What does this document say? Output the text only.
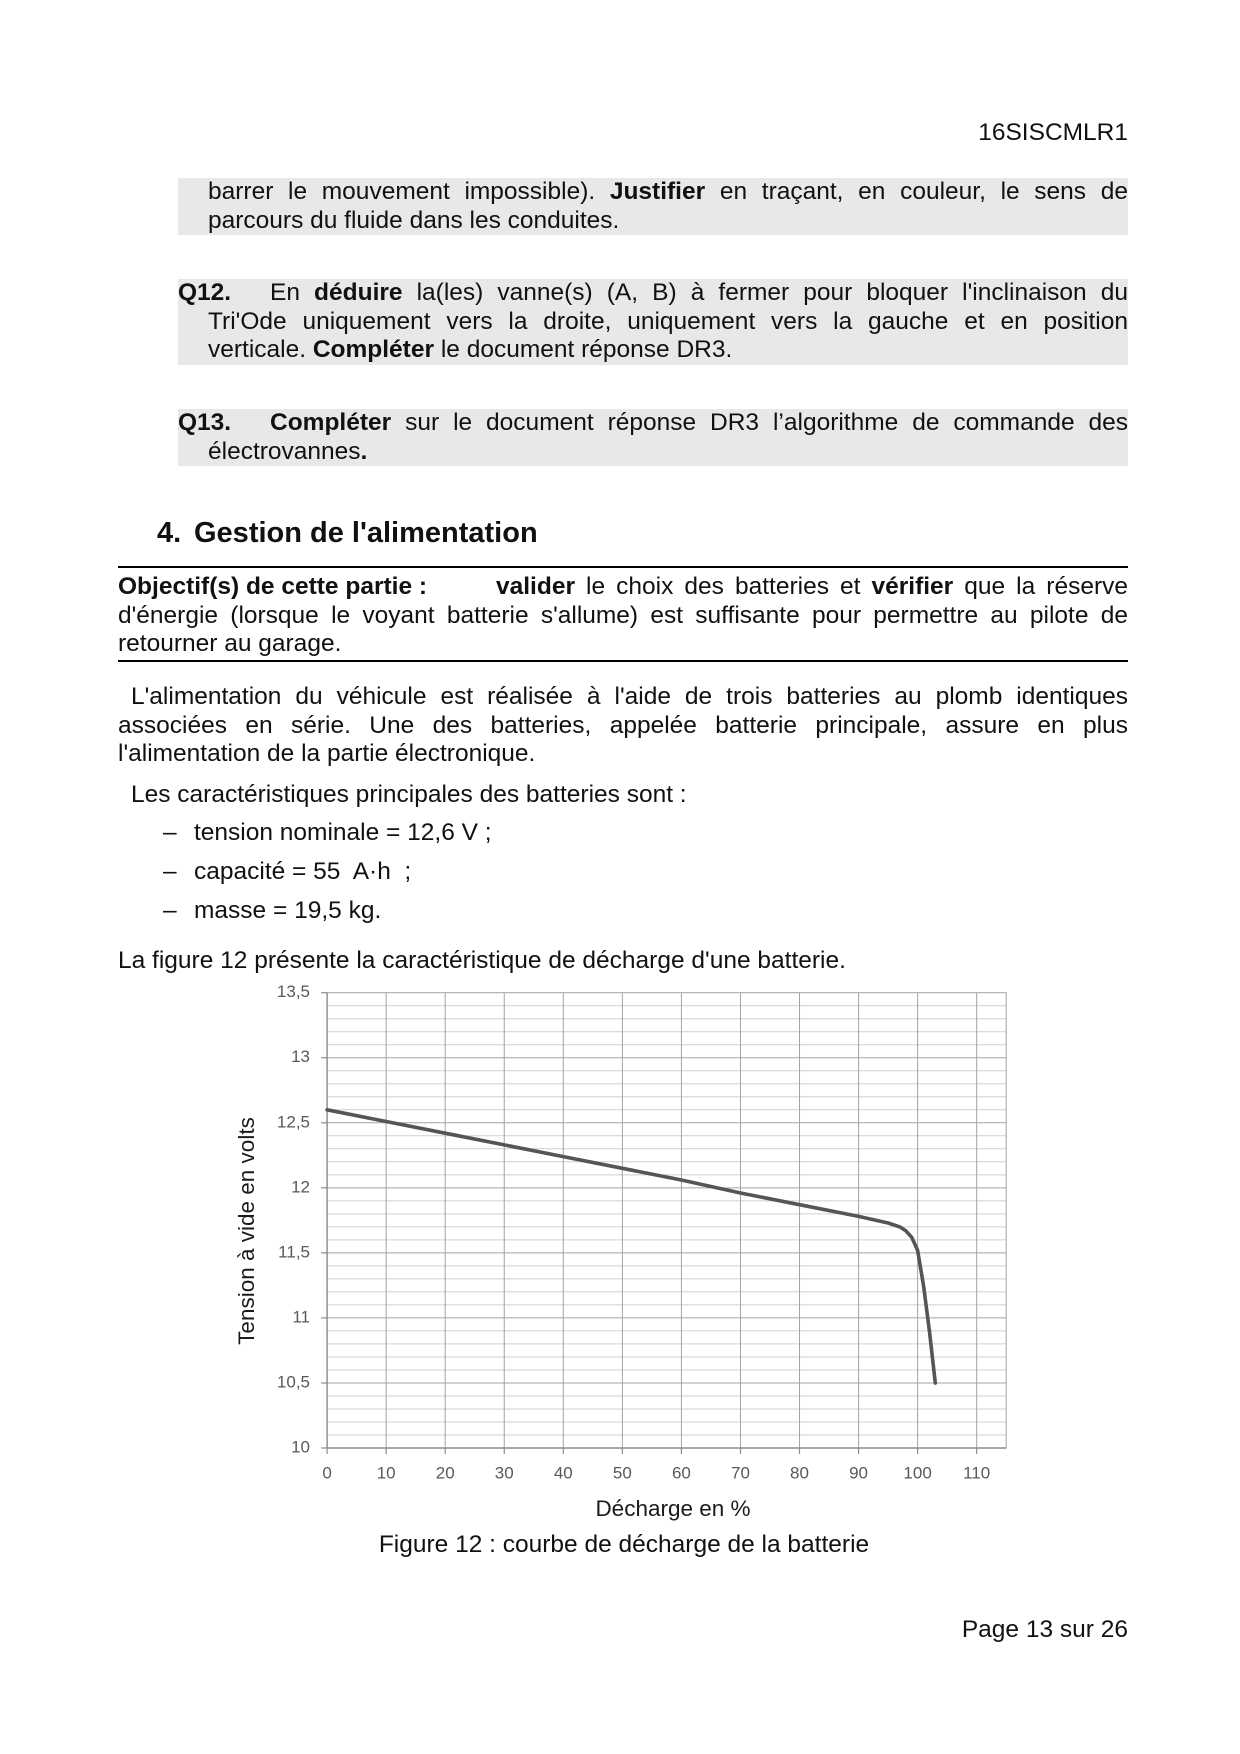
16SISCMLR1
barrer le mouvement impossible). Justifier en traçant, en couleur, le sens de
parcours du fluide dans les conduites.
Q12.	En déduire la(les) vanne(s) (A, B) à fermer pour bloquer l'inclinaison du
Tri'Ode uniquement vers la droite, uniquement vers la gauche et en position
verticale. Compléter le document réponse DR3.
Q13.	Compléter sur le document réponse DR3 l’algorithme de commande des
électrovannes.
4. Gestion de l'alimentation
Objectif(s) de cette partie :	valider le choix des batteries et vérifier que la réserve
d'énergie (lorsque le voyant batterie s'allume) est suffisante pour permettre au pilote de
retourner au garage.
L'alimentation du véhicule est réalisée à l'aide de trois batteries au plomb identiques
associées en série. Une des batteries, appelée batterie principale, assure en plus
l'alimentation de la partie électronique.
Les caractéristiques principales des batteries sont :
– tension nominale = 12,6 V ;
– capacité = 55  A·h  ;
– masse = 19,5 kg.
La figure 12 présente la caractéristique de décharge d'une batterie.
0	10 20 30 40 50 60 70 80 90 100 110
10
10,5
11
11,5
12
12,5
13
13,5
Tension à vide en volts
Décharge en %
Figure 12 : courbe de décharge de la batterie
Page 13 sur 26
